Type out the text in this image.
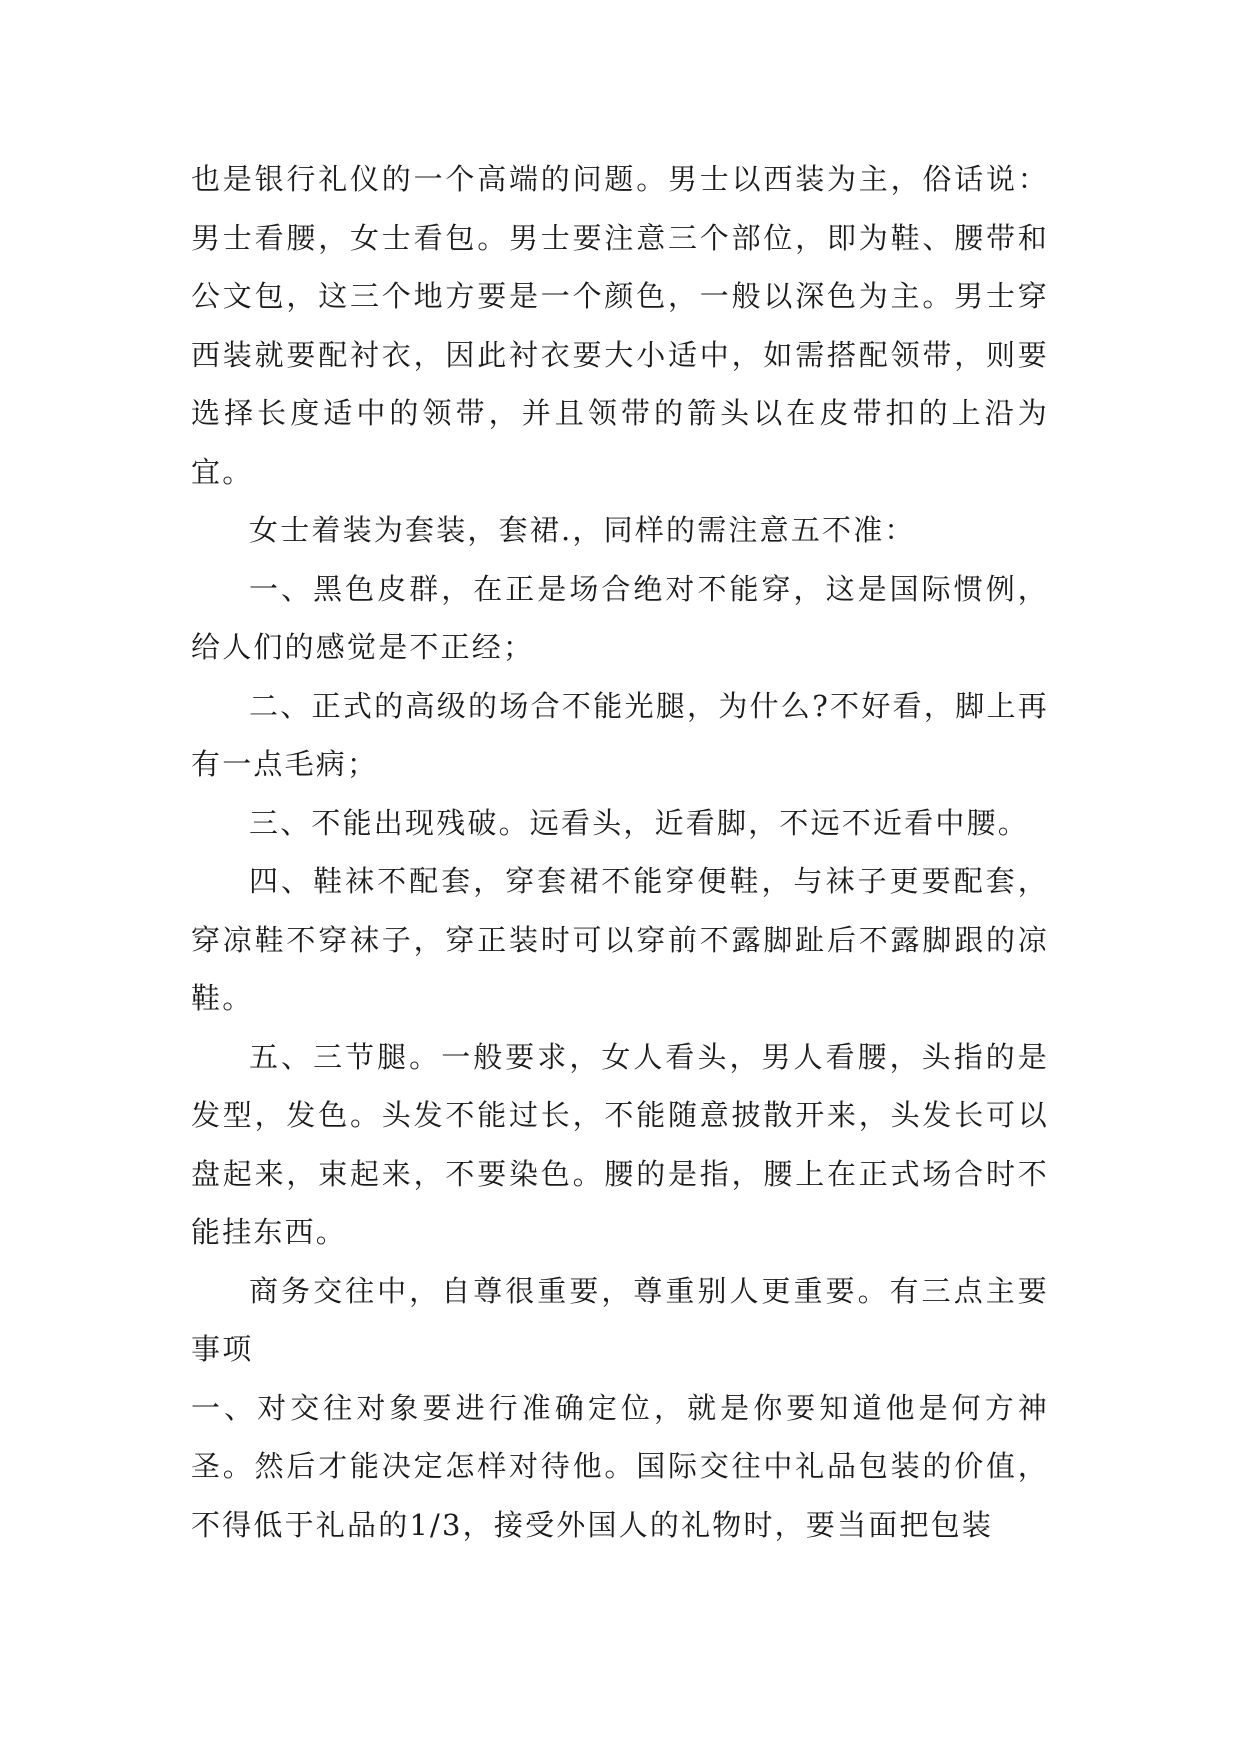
也是银行礼仪的一个高端的问题。男士以西装为主，俗话说：男士看腰，女士看包。男士要注意三个部位，即为鞋、腰带和公文包，这三个地方要是一个颜色，一般以深色为主。男士穿西装就要配衬衣，因此衬衣要大小适中，如需搭配领带，则要选择长度适中的领带，并且领带的箭头以在皮带扣的上沿为宜。

女士着装为套装，套裙.，同样的需注意五不准：

一、黑色皮群，在正是场合绝对不能穿，这是国际惯例，给人们的感觉是不正经；

二、正式的高级的场合不能光腿，为什么?不好看，脚上再有一点毛病；

三、不能出现残破。远看头，近看脚，不远不近看中腰。

四、鞋袜不配套，穿套裙不能穿便鞋，与袜子更要配套，穿凉鞋不穿袜子，穿正装时可以穿前不露脚趾后不露脚跟的凉鞋。

五、三节腿。一般要求，女人看头，男人看腰，头指的是发型，发色。头发不能过长，不能随意披散开来，头发长可以盘起来，束起来，不要染色。腰的是指，腰上在正式场合时不能挂东西。

商务交往中，自尊很重要，尊重别人更重要。有三点主要事项

一、对交往对象要进行准确定位，就是你要知道他是何方神圣。然后才能决定怎样对待他。国际交往中礼品包装的价值，不得低于礼品的1/3，接受外国人的礼物时，要当面把包装
